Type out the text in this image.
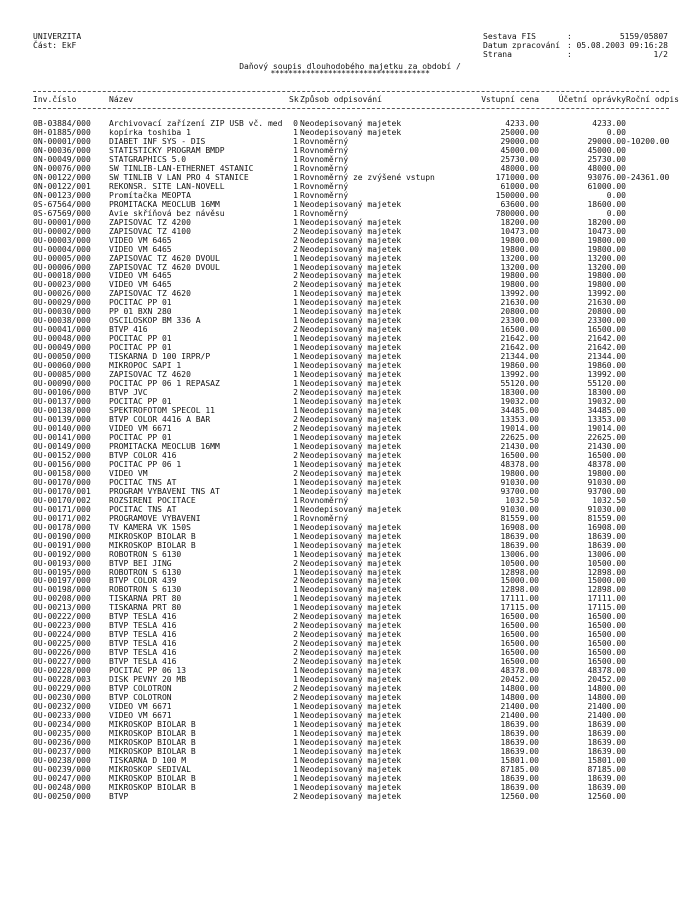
UNIVERZITA
Část: EkF
Sestava FIS	:	5159/05807
Datum zpracování : 05.08.2003 09:16:28
Strana	:	1/2
Daňový soupis dlouhodobého majetku za období /
************************************
Inv.číslo	Název	Sk Způsob odpisování	Vstupní cena	Účetní oprávky Roční odpis
0B-03884/000	Archivovací zařízení ZIP USB vč. med	0 Neodepisovaný majetek	4233.00	4233.00
0H-01885/000	kopírka toshiba 1	1 Neodepisovaný majetek	25000.00	0.00
0N-00001/000	DIABET INF SYS - DIS	1 Rovnoměrný	29000.00	29000.00 -10200.00
0N-00036/000	STATISTICKY PROGRAM BMDP	1 Rovnoměrný	45000.00	45000.00
0N-00049/000	STATGRAPHICS 5.0	1 Rovnoměrný	25730.00	25730.00
0N-00076/000	SW TINLIB-LAN-ETHERNET 4STANIC	1 Rovnoměrný	48000.00	48000.00
0N-00122/000	SW TINLIB V LAN PRO 4 STANICE	1 Rovnoměrný ze zvýšené vstupn	171000.00	93076.00 -24361.00
0N-00122/001	REKONSR. SITE LAN-NOVELL	1 Rovnoměrný	61000.00	61000.00
0N-00123/000	Promítačka MEOPTA	1 Rovnoměrný	150000.00	0.00
0S-67564/000	PROMITACKA MEOCLUB 16MM	1 Neodepisovaný majetek	63600.00	18600.00
0S-67569/000	Avie skříňová bez návěsu	1 Rovnoměrný	780000.00	0.00
0U-00001/000	ZAPISOVAC TZ 4200	1 Neodepisovaný majetek	18200.00	18200.00
0U-00002/000	ZAPISOVAC TZ 4100	2 Neodepisovaný majetek	10473.00	10473.00
0U-00003/000	VIDEO VM 6465	2 Neodepisovaný majetek	19800.00	19800.00
0U-00004/000	VIDEO VM 6465	2 Neodepisovaný majetek	19800.00	19800.00
0U-00005/000	ZAPISOVAC TZ 4620 DVOUL	1 Neodepisovaný majetek	13200.00	13200.00
0U-00006/000	ZAPISOVAC TZ 4620 DVOUL	1 Neodepisovaný majetek	13200.00	13200.00
0U-00018/000	VIDEO VM 6465	2 Neodepisovaný majetek	19800.00	19800.00
0U-00023/000	VIDEO VM 6465	2 Neodepisovaný majetek	19800.00	19800.00
0U-00026/000	ZAPISOVAC TZ 4620	1 Neodepisovaný majetek	13992.00	13992.00
0U-00029/000	POCITAC PP 01	1 Neodepisovaný majetek	21630.00	21630.00
0U-00030/000	PP 01 BXN 280	1 Neodepisovaný majetek	20800.00	20800.00
0U-00038/000	OSCILOSKOP BM 336 A	1 Neodepisovaný majetek	23300.00	23300.00
0U-00041/000	BTVP 416	2 Neodepisovaný majetek	16500.00	16500.00
0U-00048/000	POCITAC PP 01	1 Neodepisovaný majetek	21642.00	21642.00
0U-00049/000	POCITAC PP 01	1 Neodepisovaný majetek	21642.00	21642.00
0U-00050/000	TISKARNA D 100 IRPR/P	1 Neodepisovaný majetek	21344.00	21344.00
0U-00060/000	MIKROPOC SAPI 1	1 Neodepisovaný majetek	19860.00	19860.00
0U-00085/000	ZAPISOVAC TZ 4620	1 Neodepisovaný majetek	13992.00	13992.00
0U-00090/000	POCITAC PP 06 1 REPASAZ	1 Neodepisovaný majetek	55120.00	55120.00
0U-00106/000	BTVP JVC	2 Neodepisovaný majetek	18300.00	18300.00
0U-00137/000	POCITAC PP 01	1 Neodepisovaný majetek	19032.00	19032.00
0U-00138/000	SPEKTROFOTOM SPECOL 11	1 Neodepisovaný majetek	34485.00	34485.00
0U-00139/000	BTVP COLOR 4416 A BAR	2 Neodepisovaný majetek	13353.00	13353.00
0U-00140/000	VIDEO VM 6671	2 Neodepisovaný majetek	19014.00	19014.00
0U-00141/000	POCITAC PP 01	1 Neodepisovaný majetek	22625.00	22625.00
0U-00149/000	PROMITACKA MEOCLUB 16MM	1 Neodepisovaný majetek	21430.00	21430.00
0U-00152/000	BTVP COLOR 416	2 Neodepisovaný majetek	16500.00	16500.00
0U-00156/000	POCITAC PP 06 1	1 Neodepisovaný majetek	48378.00	48378.00
0U-00158/000	VIDEO VM	2 Neodepisovaný majetek	19800.00	19800.00
0U-00170/000	POCITAC TNS AT	1 Neodepisovaný majetek	91030.00	91030.00
0U-00170/001	PROGRAM VYBAVENI TNS AT	1 Neodepisovaný majetek	93700.00	93700.00
0U-00170/002	ROZSIRENI POCITACE	1 Rovnoměrný	1032.50	1032.50
0U-00171/000	POCITAC TNS AT	1 Neodepisovaný majetek	91030.00	91030.00
0U-00171/002	PROGRAMOVE VYBAVENI	1 Rovnoměrný	81559.00	81559.00
0U-00178/000	TV KAMERA VK 150S	1 Neodepisovaný majetek	16908.00	16908.00
0U-00190/000	MIKROSKOP BIOLAR B	1 Neodepisovaný majetek	18639.00	18639.00
0U-00191/000	MIKROSKOP BIOLAR B	1 Neodepisovaný majetek	18639.00	18639.00
0U-00192/000	ROBOTRON S 6130	1 Neodepisovaný majetek	13006.00	13006.00
0U-00193/000	BTVP BEI JING	2 Neodepisovaný majetek	10500.00	10500.00
0U-00195/000	ROBOTRON S 6130	1 Neodepisovaný majetek	12898.00	12898.00
0U-00197/000	BTVP COLOR 439	2 Neodepisovaný majetek	15000.00	15000.00
0U-00198/000	ROBOTRON S 6130	1 Neodepisovaný majetek	12898.00	12898.00
0U-00208/000	TISKARNA PRT 80	1 Neodepisovaný majetek	17111.00	17111.00
0U-00213/000	TISKARNA PRT 80	1 Neodepisovaný majetek	17115.00	17115.00
0U-00222/000	BTVP TESLA 416	2 Neodepisovaný majetek	16500.00	16500.00
0U-00223/000	BTVP TESLA 416	2 Neodepisovaný majetek	16500.00	16500.00
0U-00224/000	BTVP TESLA 416	2 Neodepisovaný majetek	16500.00	16500.00
0U-00225/000	BTVP TESLA 416	2 Neodepisovaný majetek	16500.00	16500.00
0U-00226/000	BTVP TESLA 416	2 Neodepisovaný majetek	16500.00	16500.00
0U-00227/000	BTVP TESLA 416	2 Neodepisovaný majetek	16500.00	16500.00
0U-00228/000	POCITAC PP 06 13	1 Neodepisovaný majetek	48378.00	48378.00
0U-00228/003	DISK PEVNY 20 MB	1 Neodepisovaný majetek	20452.00	20452.00
0U-00229/000	BTVP COLOTRON	2 Neodepisovaný majetek	14800.00	14800.00
0U-00230/000	BTVP COLOTRON	2 Neodepisovaný majetek	14800.00	14800.00
0U-00232/000	VIDEO VM 6671	1 Neodepisovaný majetek	21400.00	21400.00
0U-00233/000	VIDEO VM 6671	1 Neodepisovaný majetek	21400.00	21400.00
0U-00234/000	MIKROSKOP BIOLAR B	1 Neodepisovaný majetek	18639.00	18639.00
0U-00235/000	MIKROSKOP BIOLAR B	1 Neodepisovaný majetek	18639.00	18639.00
0U-00236/000	MIKROSKOP BIOLAR B	1 Neodepisovaný majetek	18639.00	18639.00
0U-00237/000	MIKROSKOP BIOLAR B	1 Neodepisovaný majetek	18639.00	18639.00
0U-00238/000	TISKARNA D 100 M	1 Neodepisovaný majetek	15801.00	15801.00
0U-00239/000	MIKROSKOP SEDIVAL	1 Neodepisovaný majetek	87185.00	87185.00
0U-00247/000	MIKROSKOP BIOLAR B	1 Neodepisovaný majetek	18639.00	18639.00
0U-00248/000	MIKROSKOP BIOLAR B	1 Neodepisovaný majetek	18639.00	18639.00
0U-00250/000	BTVP	2 Neodepisovaný majetek	12560.00	12560.00
